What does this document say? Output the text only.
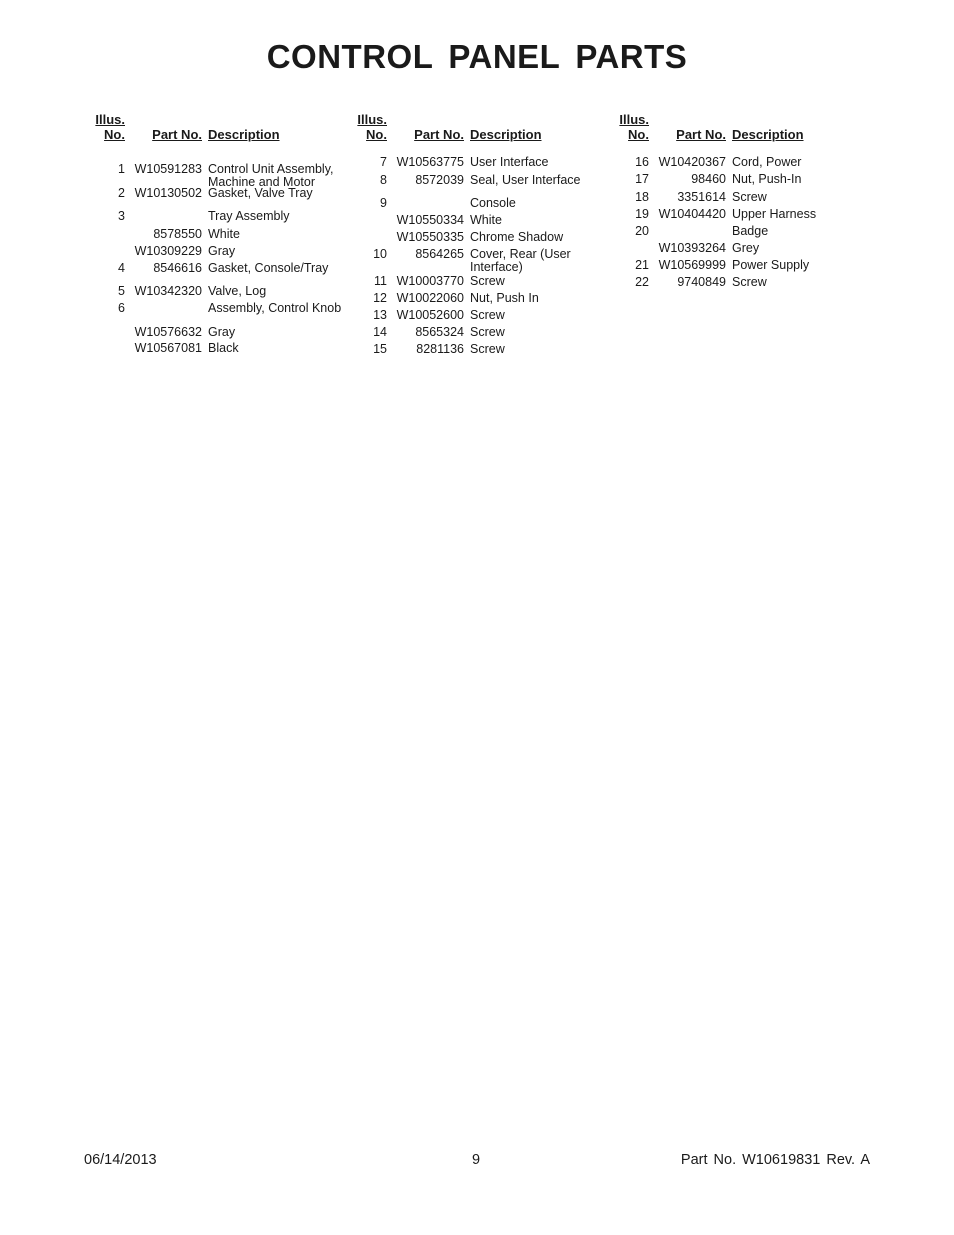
CONTROL PANEL PARTS
Illus.
No. Part No. Description
1 W10591283 Control Unit Assembly, Machine and Motor
2 W10130502 Gasket, Valve Tray
3	Tray Assembly
8578550 White
W10309229 Gray
4 8546616 Gasket, Console/Tray
5 W10342320 Valve, Log
6	Assembly, Control Knob
W10576632 Gray
W10567081 Black
Illus.
No. Part No. Description
7 W10563775 User Interface
8 8572039 Seal, User Interface
9	Console
W10550334 White
W10550335 Chrome Shadow
10 8564265 Cover, Rear (User Interface)
11 W10003770 Screw
12 W10022060 Nut, Push In
13 W10052600 Screw
14 8565324 Screw
15 8281136 Screw
Illus.
No. Part No. Description
16 W10420367 Cord, Power
17	98460 Nut, Push-In
18 3351614 Screw
19 W10404420 Upper Harness
20	Badge
W10393264 Grey
21 W10569999 Power Supply
22 9740849 Screw
06/14/2013	9	Part No. W10619831 Rev. A
